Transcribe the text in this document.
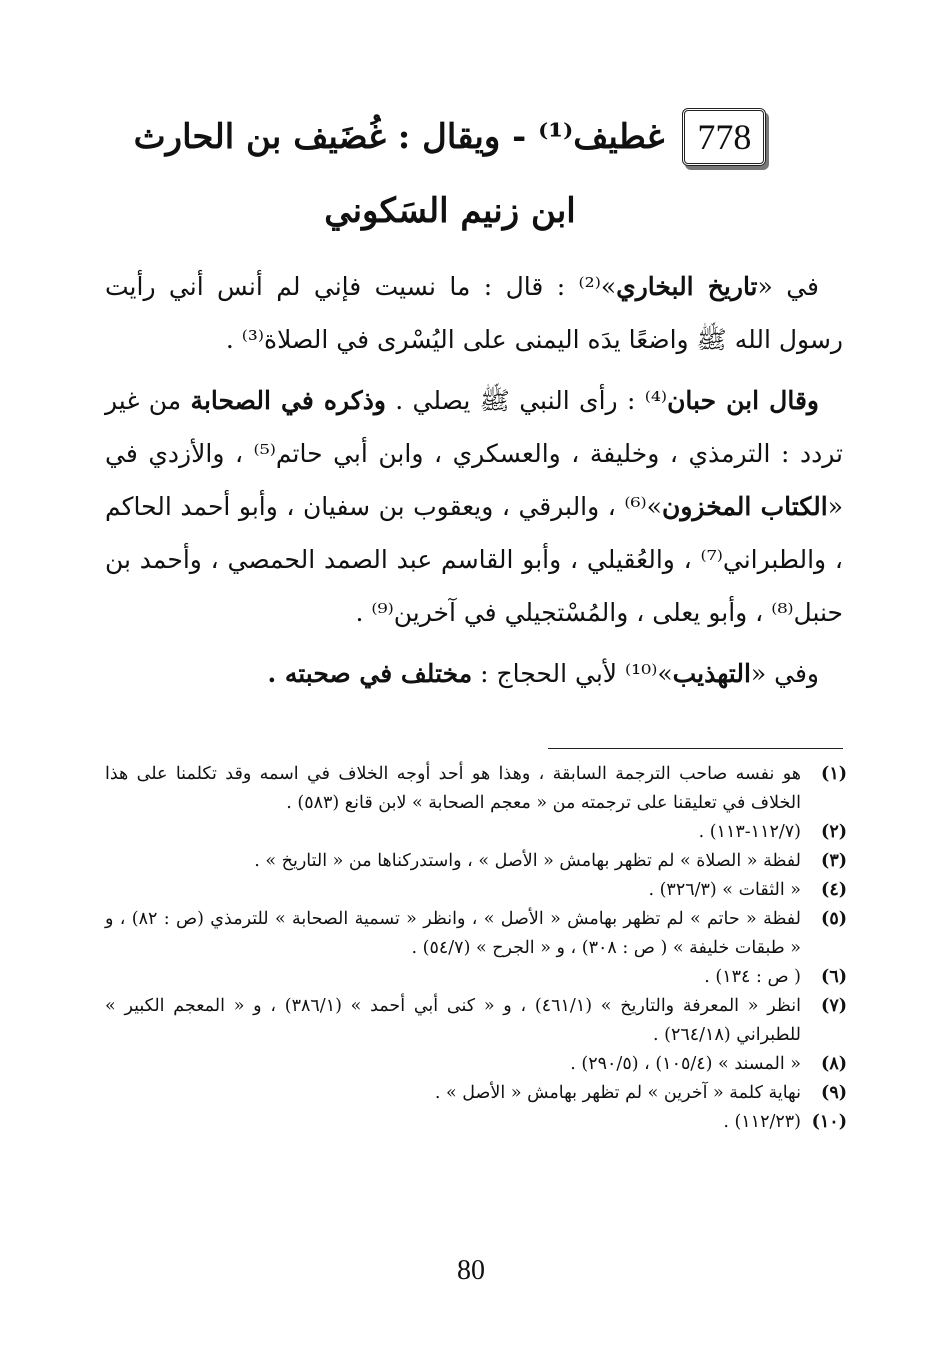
778
غطيف⁽¹⁾ - ويقال : غُضَيف بن الحارث
ابن زنيم السَكوني

في «تاريخ البخاري»⁽²⁾ : قال : ما نسيت فإني لم أنس أني رأيت رسول الله ﷺ واضعًا يدَه اليمنى على اليُسْرى في الصلاة⁽³⁾ .

وقال ابن حبان⁽⁴⁾ : رأى النبي ﷺ يصلي . وذكره في الصحابة من غير تردد : الترمذي ، وخليفة ، والعسكري ، وابن أبي حاتم⁽⁵⁾ ، والأزدي في «الكتاب المخزون»⁽⁶⁾ ، والبرقي ، ويعقوب بن سفيان ، وأبو أحمد الحاكم ، والطبراني⁽⁷⁾ ، والعُقيلي ، وأبو القاسم عبد الصمد الحمصي ، وأحمد بن حنبل⁽⁸⁾ ، وأبو يعلى ، والمُسْتجيلي في آخرين⁽⁹⁾ .

وفي «التهذيب»⁽¹⁰⁾ لأبي الحجاج : مختلف في صحبته .

(١)
هو نفسه صاحب الترجمة السابقة ، وهذا هو أحد أوجه الخلاف في اسمه وقد تكلمنا على هذا الخلاف في تعليقنا على ترجمته من « معجم الصحابة » لابن قانع (٥٨٣) .
(٢)
(١١٢/٧-١١٣) .
(٣)
لفظة « الصلاة » لم تظهر بهامش « الأصل » ، واستدركناها من « التاريخ » .
(٤)
« الثقات » (٣٢٦/٣) .
(٥)
لفظة « حاتم » لم تظهر بهامش « الأصل » ، وانظر « تسمية الصحابة » للترمذي (ص : ٨٢) ، و « طبقات خليفة » ( ص : ٣٠٨) ، و « الجرح » (٥٤/٧) .
(٦)
( ص : ١٣٤) .
(٧)
انظر « المعرفة والتاريخ » (٤٦١/١) ، و « كنى أبي أحمد » (٣٨٦/١) ، و « المعجم الكبير » للطبراني (٢٦٤/١٨) .
(٨)
« المسند » (١٠٥/٤) ، (٢٩٠/٥) .
(٩)
نهاية كلمة « آخرين » لم تظهر بهامش « الأصل » .
(١٠)
(١١٢/٢٣) .
80
